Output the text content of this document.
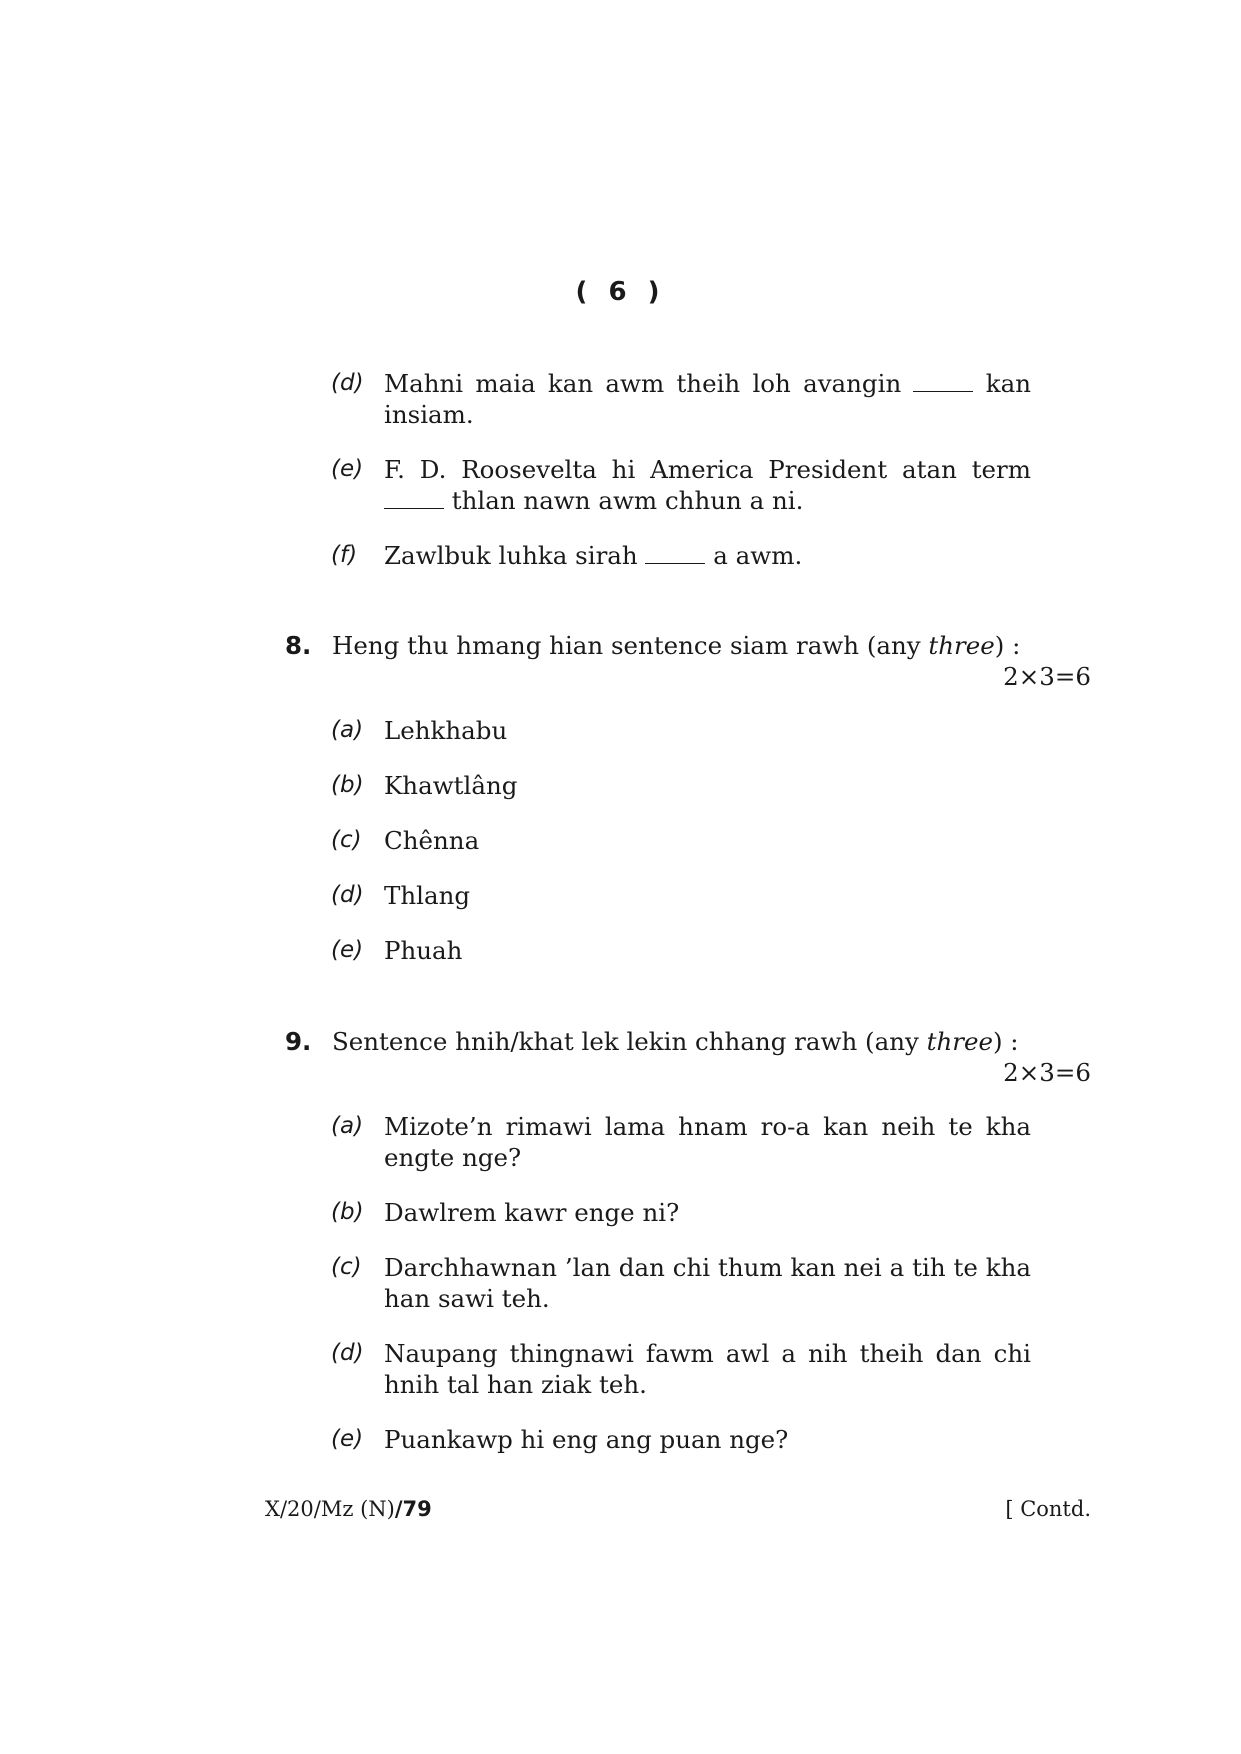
( 6 )
(d) Mahni maia kan awm theih loh avangin  kan insiam.
(e) F. D. Roosevelta hi America President atan term  thlan nawn awm chhun a ni.
(f) Zawlbuk luhka sirah  a awm.
8. Heng thu hmang hian sentence siam rawh (any three) :
2×3=6
(a) Lehkhabu
(b) Khawtlâng
(c) Chênna
(d) Thlang
(e) Phuah
9. Sentence hnih/khat lek lekin chhang rawh (any three) :
2×3=6
(a) Mizote’n rimawi lama hnam ro-a kan neih te kha engte nge?
(b) Dawlrem kawr enge ni?
(c) Darchhawnan ’lan dan chi thum kan nei a tih te kha han sawi teh.
(d) Naupang thingnawi fawm awl a nih theih dan chi hnih tal han ziak teh.
(e) Puankawp hi eng ang puan nge?
X/20/Mz (N)/79	[ Contd.
